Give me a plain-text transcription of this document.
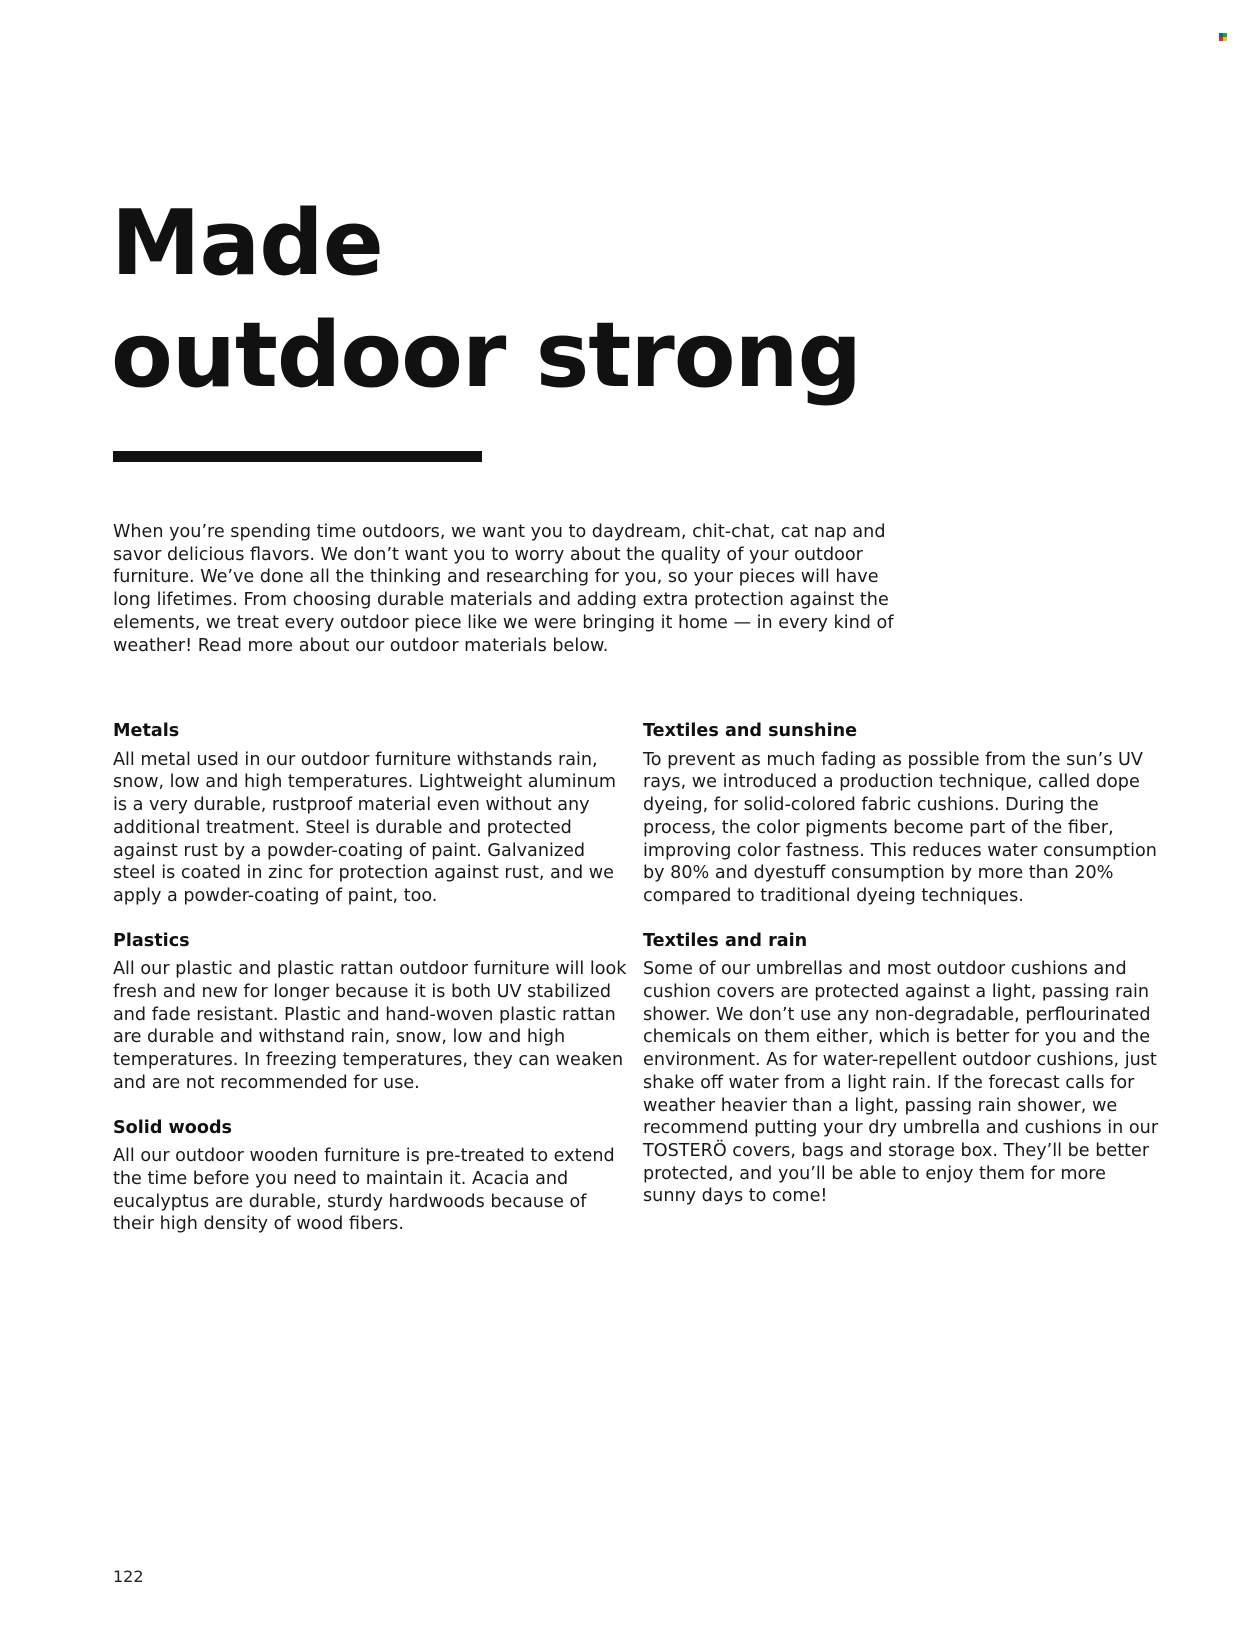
Made
outdoor strong

When you’re spending time outdoors, we want you to daydream, chit-chat, cat nap and savor delicious flavors. We don’t want you to worry about the quality of your outdoor furniture. We’ve done all the thinking and researching for you, so your pieces will have long lifetimes. From choosing durable materials and adding extra protection against the elements, we treat every outdoor piece like we were bringing it home — in every kind of weather! Read more about our outdoor materials below.

Metals

All metal used in our outdoor furniture withstands rain, snow, low and high temperatures. Lightweight aluminum is a very durable, rustproof material even without any additional treatment. Steel is durable and protected against rust by a powder-coating of paint. Galvanized steel is coated in zinc for protection against rust, and we apply a powder-coating of paint, too.

Plastics

All our plastic and plastic rattan outdoor furniture will look fresh and new for longer because it is both UV stabilized and fade resistant. Plastic and hand-woven plastic rattan are durable and withstand rain, snow, low and high temperatures. In freezing temperatures, they can weaken and are not recommended for use.

Solid woods

All our outdoor wooden furniture is pre-treated to extend the time before you need to maintain it. Acacia and eucalyptus are durable, sturdy hardwoods because of their high density of wood fibers.

Textiles and sunshine

To prevent as much fading as possible from the sun’s UV rays, we introduced a production technique, called dope dyeing, for solid-colored fabric cushions. During the process, the color pigments become part of the fiber, improving color fastness. This reduces water consumption by 80% and dyestuff consumption by more than 20% compared to traditional dyeing techniques.

Textiles and rain

Some of our umbrellas and most outdoor cushions and cushion covers are protected against a light, passing rain shower. We don’t use any non-degradable, perflourinated chemicals on them either, which is better for you and the environment. As for water-repellent outdoor cushions, just shake off water from a light rain. If the forecast calls for weather heavier than a light, passing rain shower, we recommend putting your dry umbrella and cushions in our TOSTERÖ covers, bags and storage box. They’ll be better protected, and you’ll be able to enjoy them for more sunny days to come!

122
